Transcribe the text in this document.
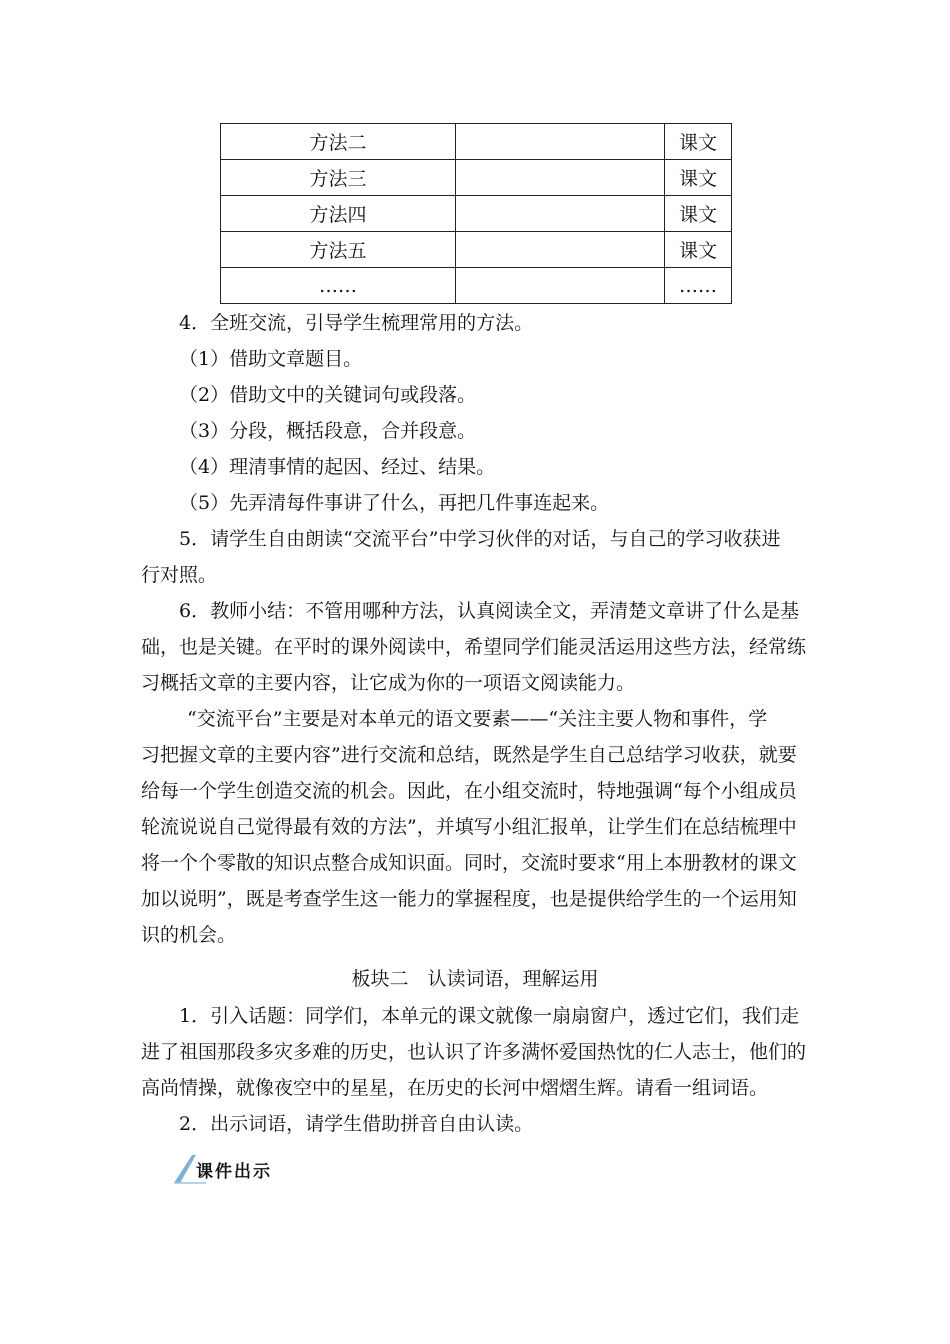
方法二		课文
方法三		课文
方法四		课文
方法五		课文
……		……
4．全班交流，引导学生梳理常用的方法。
（1）借助文章题目。
（2）借助文中的关键词句或段落。
（3）分段，概括段意，合并段意。
（4）理清事情的起因、经过、结果。
（5）先弄清每件事讲了什么，再把几件事连起来。
5．请学生自由朗读“交流平台”中学习伙伴的对话，与自己的学习收获进
行对照。
6．教师小结：不管用哪种方法，认真阅读全文，弄清楚文章讲了什么是基
础，也是关键。在平时的课外阅读中，希望同学们能灵活运用这些方法，经常练
习概括文章的主要内容，让它成为你的一项语文阅读能力。
“交流平台”主要是对本单元的语文要素——“关注主要人物和事件，学
习把握文章的主要内容”进行交流和总结，既然是学生自己总结学习收获，就要
给每一个学生创造交流的机会。因此，在小组交流时，特地强调“每个小组成员
轮流说说自己觉得最有效的方法”，并填写小组汇报单，让学生们在总结梳理中
将一个个零散的知识点整合成知识面。同时，交流时要求“用上本册教材的课文
加以说明”，既是考查学生这一能力的掌握程度，也是提供给学生的一个运用知
识的机会。
板块二　认读词语，理解运用
1．引入话题：同学们，本单元的课文就像一扇扇窗户，透过它们，我们走
进了祖国那段多灾多难的历史，也认识了许多满怀爱国热忱的仁人志士，他们的
高尚情操，就像夜空中的星星，在历史的长河中熠熠生辉。请看一组词语。
2．出示词语，请学生借助拼音自由认读。
课件出示
